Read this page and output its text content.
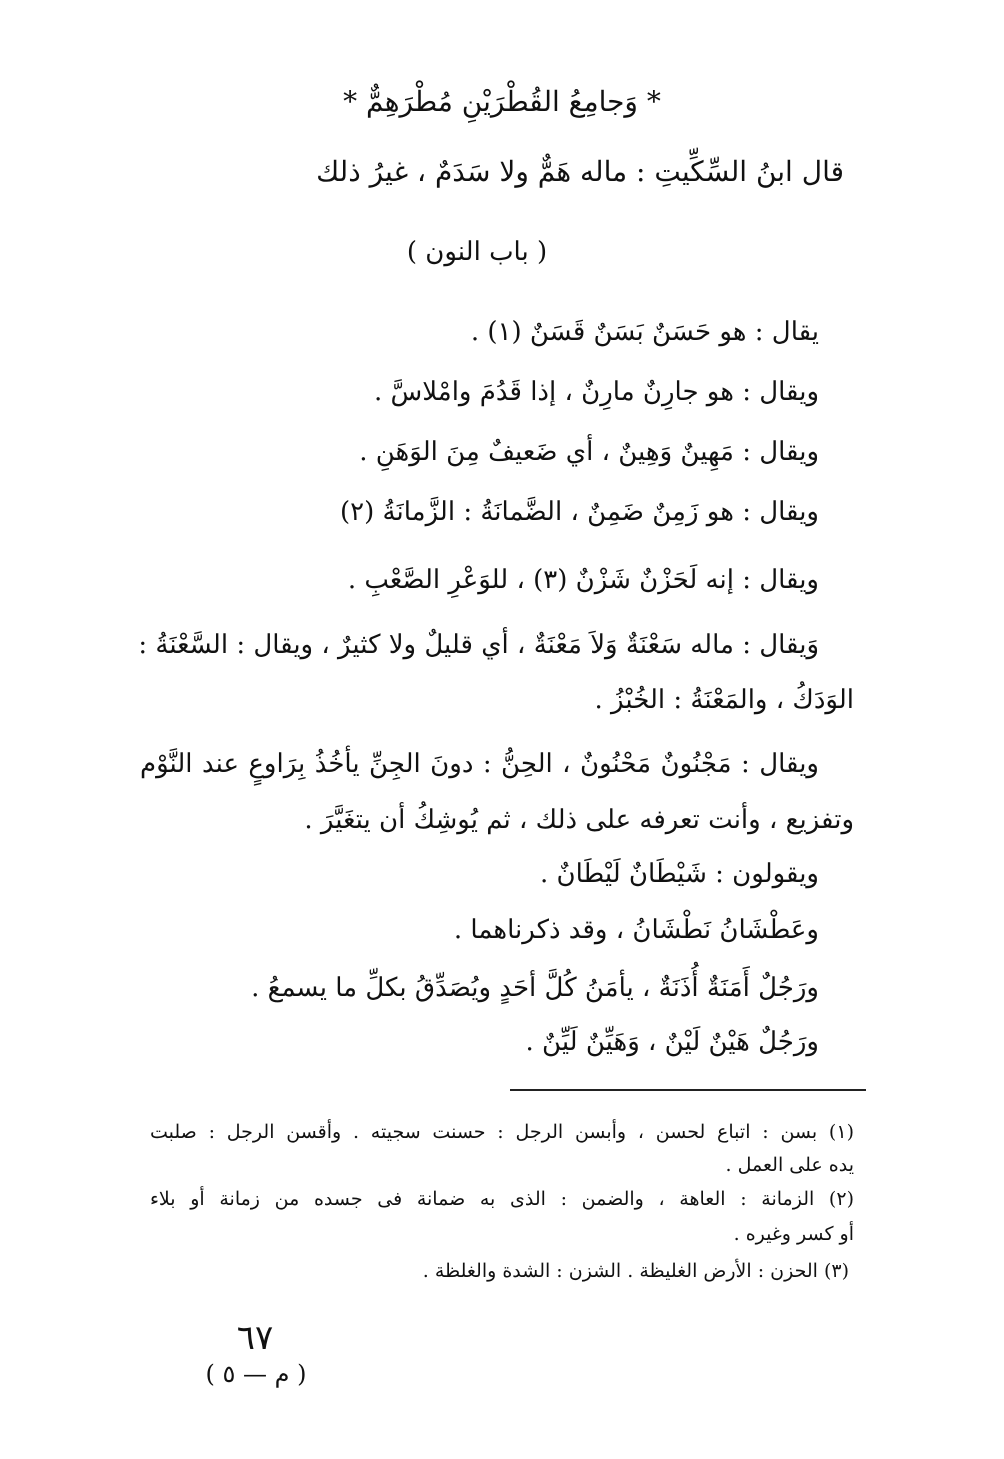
* وَجامِعُ القُطْرَيْنِ مُطْرَهِمٌّ *
قال ابنُ السِّكِّيتِ : ماله هَمٌّ ولا سَدَمٌ ، غيرُ ذلك
( باب النون )
يقال : هو حَسَنٌ بَسَنٌ قَسَنٌ (١) .
ويقال : هو جارِنٌ مارِنٌ ، إذا قَدُمَ وامْلاسَّ .
ويقال : مَهِينٌ وَهِينٌ ، أي ضَعيفٌ مِنَ الوَهَنِ .
ويقال : هو زَمِنٌ ضَمِنٌ ، الضَّمانَةُ : الزَّمانَةُ (٢)
ويقال : إنه لَحَزْنٌ شَزْنٌ (٣) ، للوَعْرِ الصَّعْبِ .
وَيقال : ماله سَعْنَةٌ وَلاَ مَعْنَةٌ ، أي قليلٌ ولا كثيرٌ ، ويقال : السَّعْنَةُ :
الوَدَكُ ، والمَعْنَةُ : الخُبْزُ .
ويقال : مَجْنُونٌ مَحْنُونٌ ، الحِنُّ : دونَ الجِنِّ يأخُذُ بِرَاوعٍ عند النَّوْم
وتفزيع ، وأنت تعرفه على ذلك ، ثم يُوشِكُ أن يتغَيَّرَ .
ويقولون : شَيْطَانٌ لَيْطَانٌ .
وعَطْشَانُ نَطْشَانُ ، وقد ذكرناهما .
ورَجُلٌ أَمَنَةٌ أُذَنَةٌ ، يأمَنُ كُلَّ أحَدٍ ويُصَدِّقُ بكلِّ ما يسمعُ .
ورَجُلٌ هَيْنٌ لَيْنٌ ، وَهَيِّنٌ لَيِّنٌ .
(١) بسن : اتباع لحسن ، وأبسن الرجل : حسنت سجيته . وأقسن الرجل : صلبت
يده على العمل .
(٢) الزمانة : العاهة ، والضمن : الذى به ضمانة فى جسده من زمانة أو بلاء
أو كسر وغيره .
(٣) الحزن : الأرض الغليظة . الشزن : الشدة والغلظة .
٦٧
( م — ٥ )
